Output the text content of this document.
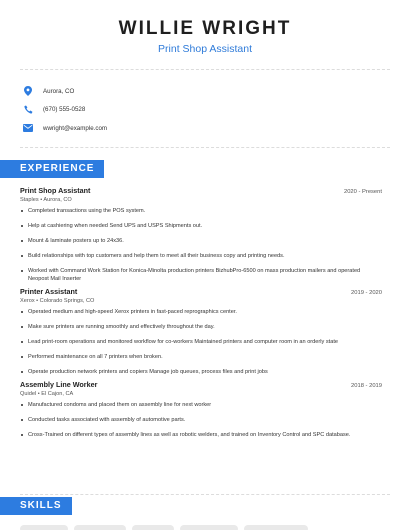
WILLIE WRIGHT
Print Shop Assistant
Aurora, CO
(670) 555-0528
wwright@example.com
EXPERIENCE
Print Shop Assistant	2020 - Present
Staples • Aurora, CO
Completed transactions using the POS system.
Help at cashiering when needed Send UPS and USPS Shipments out.
Mount & laminate posters up to 24x36.
Build relationships with top customers and help them to meet all their business copy and printing needs.
Worked with Command Work Station for Konica-Minolta production printers BizhubPro-6500 on mass production mailers and operated Neopost Mail Inserter
Printer Assistant	2019 - 2020
Xerox • Colorado Springs, CO
Operated medium and high-speed Xerox printers in fast-paced reprographics center.
Make sure printers are running smoothly and effectively throughout the day.
Lead print-room operations and monitored workflow for co-workers Maintained printers and computer room in an orderly state
Performed maintenance on all 7 printers when broken.
Operate production network printers and copiers Manage job queues, process files and print jobs
Assembly Line Worker	2018 - 2019
Quidel • El Cajon, CA
Manufactured condoms and placed them on assembly line for next worker
Conducted tasks associated with assembly of automotive parts.
Cross-Trained on different types of assembly lines as well as robotic welders, and trained on Inventory Control and SPC database.
SKILLS
